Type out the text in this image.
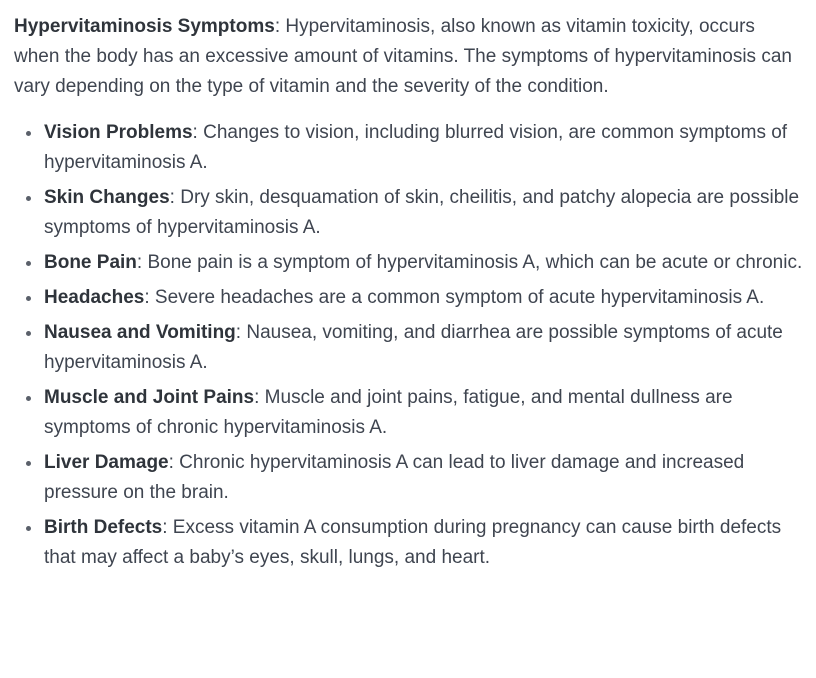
Hypervitaminosis Symptoms: Hypervitaminosis, also known as vitamin toxicity, occurs when the body has an excessive amount of vitamins. The symptoms of hypervitaminosis can vary depending on the type of vitamin and the severity of the condition.

Vision Problems: Changes to vision, including blurred vision, are common symptoms of hypervitaminosis A.
Skin Changes: Dry skin, desquamation of skin, cheilitis, and patchy alopecia are possible symptoms of hypervitaminosis A.
Bone Pain: Bone pain is a symptom of hypervitaminosis A, which can be acute or chronic.
Headaches: Severe headaches are a common symptom of acute hypervitaminosis A.
Nausea and Vomiting: Nausea, vomiting, and diarrhea are possible symptoms of acute hypervitaminosis A.
Muscle and Joint Pains: Muscle and joint pains, fatigue, and mental dullness are symptoms of chronic hypervitaminosis A.
Liver Damage: Chronic hypervitaminosis A can lead to liver damage and increased pressure on the brain.
Birth Defects: Excess vitamin A consumption during pregnancy can cause birth defects that may affect a baby’s eyes, skull, lungs, and heart.
